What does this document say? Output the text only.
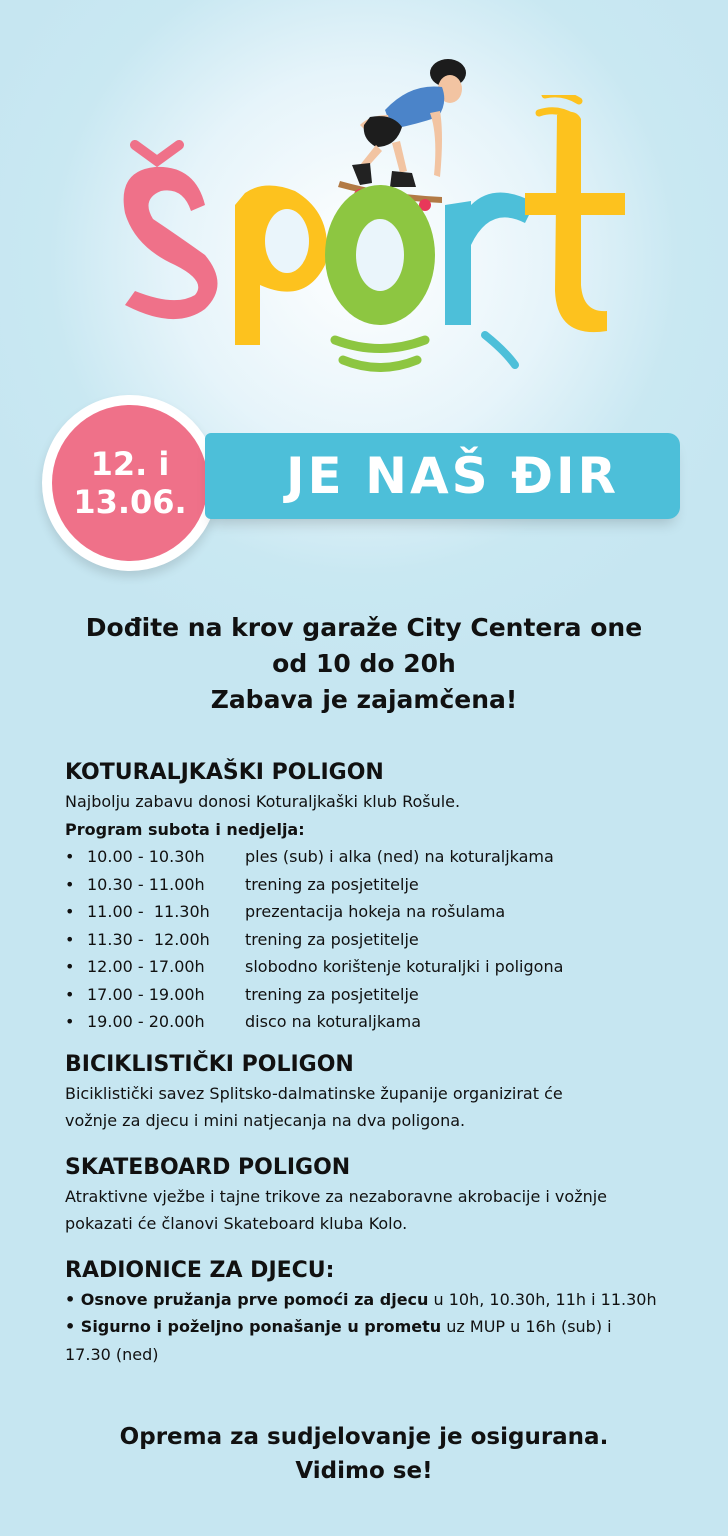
12. i
13.06. JE NAŠ ĐIR
Dođite na krov garaže City Centera one
od 10 do 20h
Zabava je zajamčena!
KOTURALJKAŠKI POLIGON

Najbolju zabavu donosi Koturaljkaški klub Rošule.

Program subota i nedjelja:

• 10.00 - 10.30h	ples (sub) i alka (ned) na koturaljkama
• 10.30 - 11.00h	trening za posjetitelje
• 11.00 -  11.30h	prezentacija hokeja na rošulama
• 11.30 -  12.00h	trening za posjetitelje
• 12.00 - 17.00h	slobodno korištenje koturaljki i poligona
• 17.00 - 19.00h	trening za posjetitelje
• 19.00 - 20.00h	disco na koturaljkama
BICIKLISTIČKI POLIGON

Biciklistički savez Splitsko-dalmatinske županije organizirat će

vožnje za djecu i mini natjecanja na dva poligona.

SKATEBOARD POLIGON

Atraktivne vježbe i tajne trikove za nezaboravne akrobacije i vožnje

pokazati će članovi Skateboard kluba Kolo.

RADIONICE ZA DJECU:

• Osnove pružanja prve pomoći za djecu u 10h, 10.30h, 11h i 11.30h

• Sigurno i poželjno ponašanje u prometu uz MUP u 16h (sub) i

17.30 (ned)

Oprema za sudjelovanje je osigurana.
Vidimo se!
